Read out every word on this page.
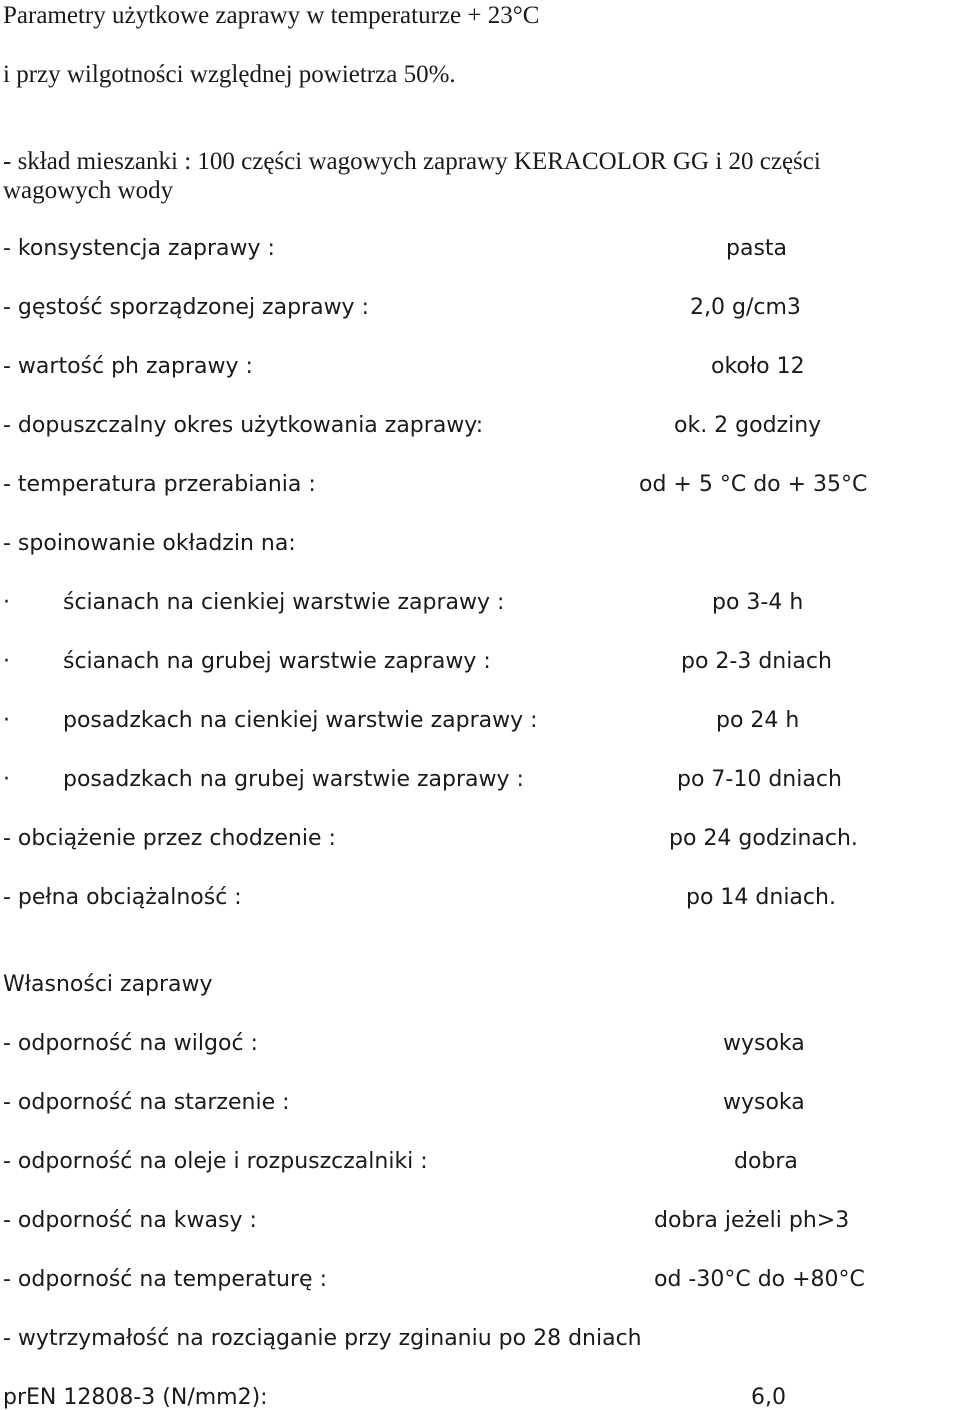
Parametry użytkowe zaprawy w temperaturze + 23°C
i przy wilgotności względnej powietrza 50%.
- skład mieszanki : 100 części wagowych zaprawy KERACOLOR GG i 20 części
wagowych wody
- konsystencja zaprawy :	pasta
- gęstość sporządzonej zaprawy :	2,0 g/cm3
- wartość ph zaprawy :	około 12
- dopuszczalny okres użytkowania zaprawy:	ok. 2 godziny
- temperatura przerabiania :	od + 5 °C do + 35°C
- spoinowanie okładzin na:
· ścianach na cienkiej warstwie zaprawy :	po 3-4 h
· ścianach na grubej warstwie zaprawy :	po 2-3 dniach
· posadzkach na cienkiej warstwie zaprawy :	po 24 h
· posadzkach na grubej warstwie zaprawy :	po 7-10 dniach
- obciążenie przez chodzenie :	po 24 godzinach.
- pełna obciążalność :	po 14 dniach.
Własności zaprawy
- odporność na wilgoć :	wysoka
- odporność na starzenie :	wysoka
- odporność na oleje i rozpuszczalniki :	dobra
- odporność na kwasy :	dobra jeżeli ph>3
- odporność na temperaturę :	od -30°C do +80°C
- wytrzymałość na rozciąganie przy zginaniu po 28 dniach
prEN 12808-3 (N/mm2):	6,0
